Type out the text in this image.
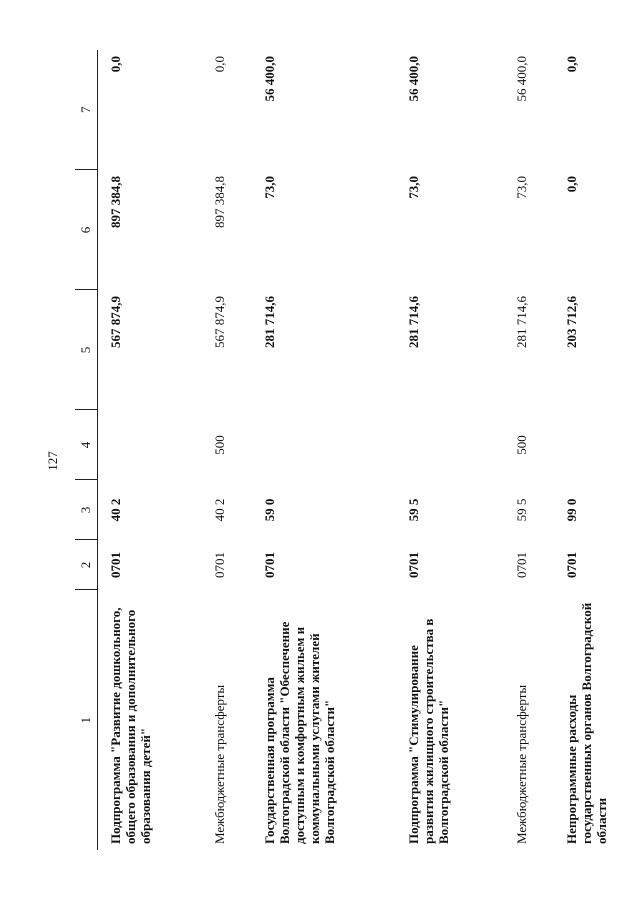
127
1	2	3	4	5	6	7
Подпрограмма "Развитие дошкольного, общего образования и дополнительного образования детей"	0701	40 2		567 874,9	897 384,8	0,0
Межбюджетные трансферты	0701	40 2	500	567 874,9	897 384,8	0,0
Государственная программа Волгоградской области "Обеспечение доступным и комфортным жильем и коммунальными услугами жителей Волгоградской области"	0701	59 0		281 714,6	73,0	56 400,0
Подпрограмма "Стимулирование развития жилищного строительства в Волгоградской области"	0701	59 5		281 714,6	73,0	56 400,0
Межбюджетные трансферты	0701	59 5	500	281 714,6	73,0	56 400,0
Непрограммные расходы государственных органов Волгоградской области	0701	99 0		203 712,6	0,0	0,0
